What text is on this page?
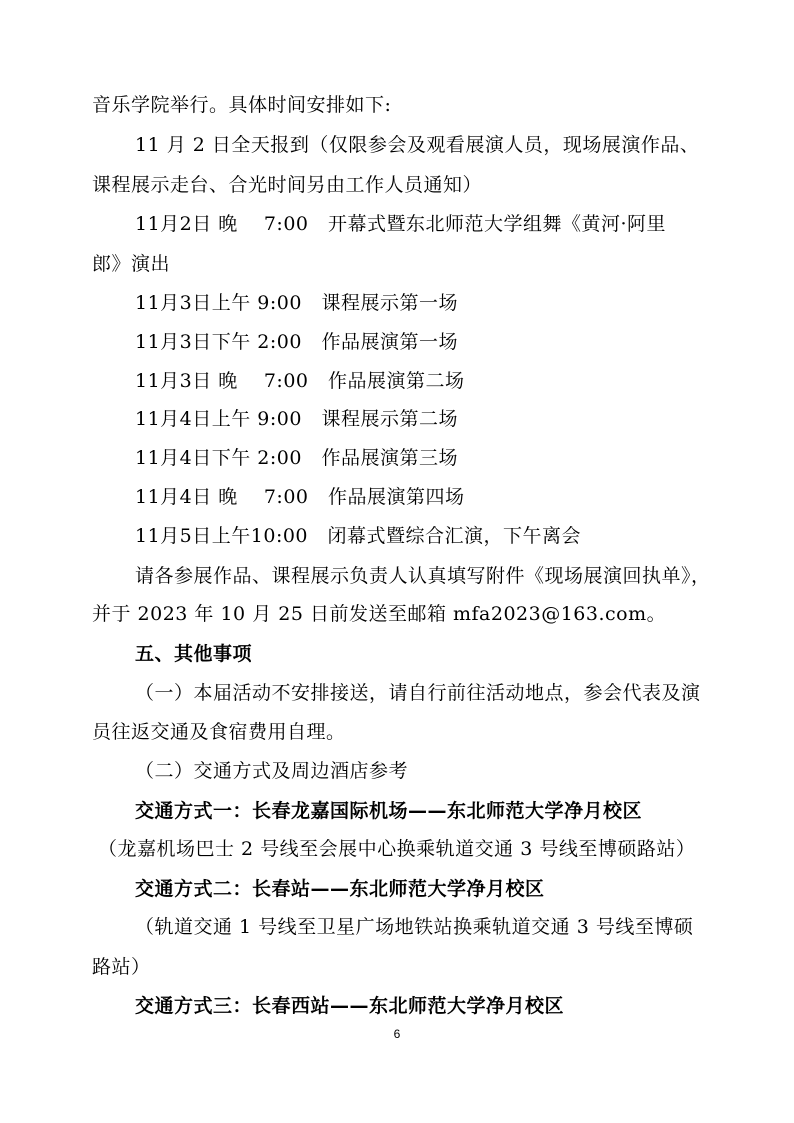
音乐学院举行。具体时间安排如下:
11 月 2 日全天报到（仅限参会及观看展演人员，现场展演作品、
课程展示走台、合光时间另由工作人员通知）
11月2日 晚　 7:00　开幕式暨东北师范大学组舞《黄河·阿里
郎》演出
11月3日上午 9:00　课程展示第一场
11月3日下午 2:00　作品展演第一场
11月3日 晚　 7:00　作品展演第二场
11月4日上午 9:00　课程展示第二场
11月4日下午 2:00　作品展演第三场
11月4日 晚　 7:00　作品展演第四场
11月5日上午10:00　闭幕式暨综合汇演，下午离会
请各参展作品、课程展示负责人认真填写附件《现场展演回执单》，
并于 2023 年 10 月 25 日前发送至邮箱 mfa2023@163.com。
五、其他事项
（一）本届活动不安排接送，请自行前往活动地点，参会代表及演
员往返交通及食宿费用自理。
（二）交通方式及周边酒店参考
交通方式一：长春龙嘉国际机场——东北师范大学净月校区
（龙嘉机场巴士 2 号线至会展中心换乘轨道交通 3 号线至博硕路站）
交通方式二：长春站——东北师范大学净月校区
（轨道交通 1 号线至卫星广场地铁站换乘轨道交通 3 号线至博硕
路站）
交通方式三：长春西站——东北师范大学净月校区
6
